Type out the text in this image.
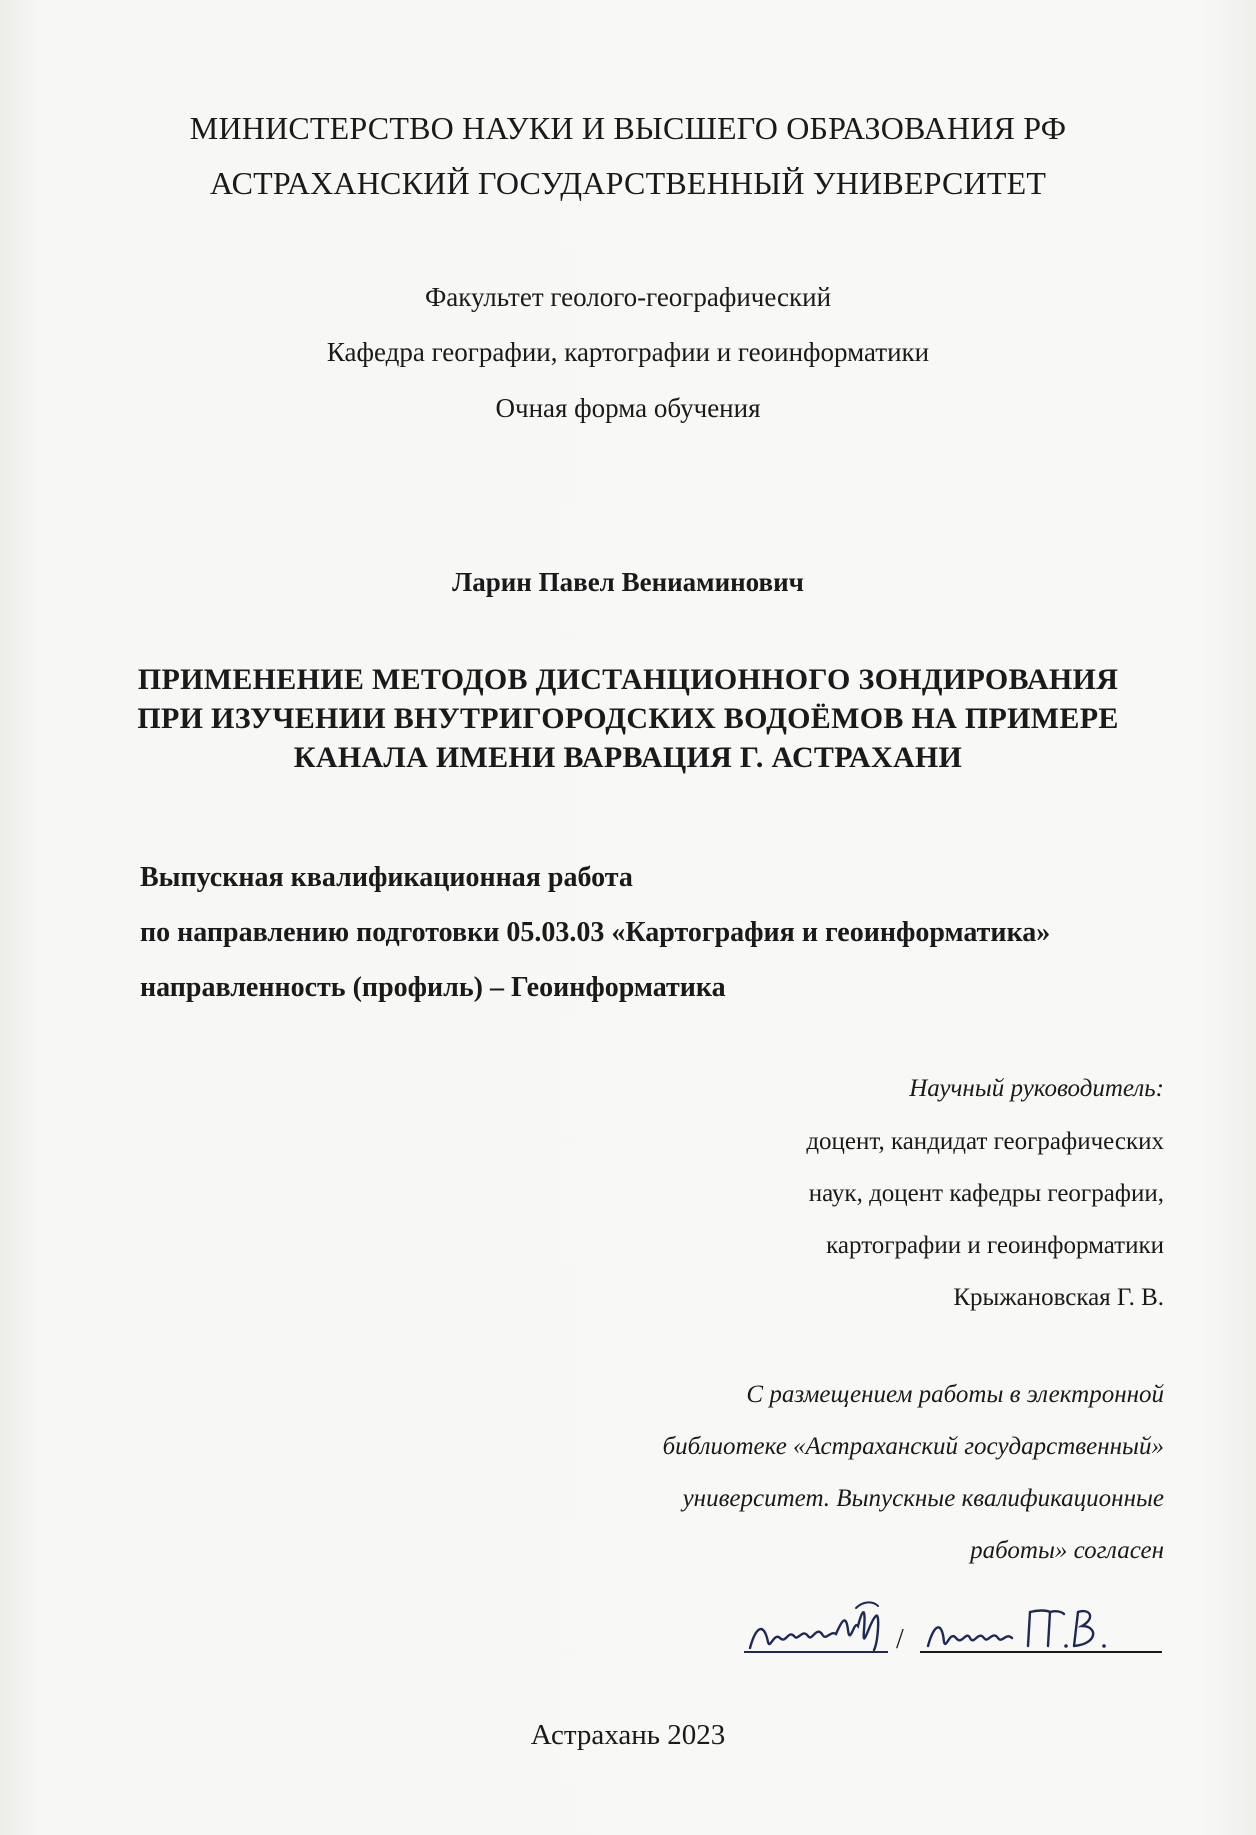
МИНИСТЕРСТВО НАУКИ И ВЫСШЕГО ОБРАЗОВАНИЯ РФ
АСТРАХАНСКИЙ ГОСУДАРСТВЕННЫЙ УНИВЕРСИТЕТ
Факультет геолого-географический
Кафедра географии, картографии и геоинформатики
Очная форма обучения
Ларин Павел Вениаминович
ПРИМЕНЕНИЕ МЕТОДОВ ДИСТАНЦИОННОГО ЗОНДИРОВАНИЯ
ПРИ ИЗУЧЕНИИ ВНУТРИГОРОДСКИХ ВОДОЁМОВ НА ПРИМЕРЕ
КАНАЛА ИМЕНИ ВАРВАЦИЯ Г. АСТРАХАНИ
Выпускная квалификационная работа
по направлению подготовки 05.03.03 «Картография и геоинформатика»
направленность (профиль) – Геоинформатика
Научный руководитель:
доцент, кандидат географических
наук, доцент кафедры географии,
картографии и геоинформатики
Крыжановская Г. В.
С размещением работы в электронной
библиотеке «Астраханский государственный»
университет. Выпускные квалификационные
работы» согласен
/
Астрахань 2023
